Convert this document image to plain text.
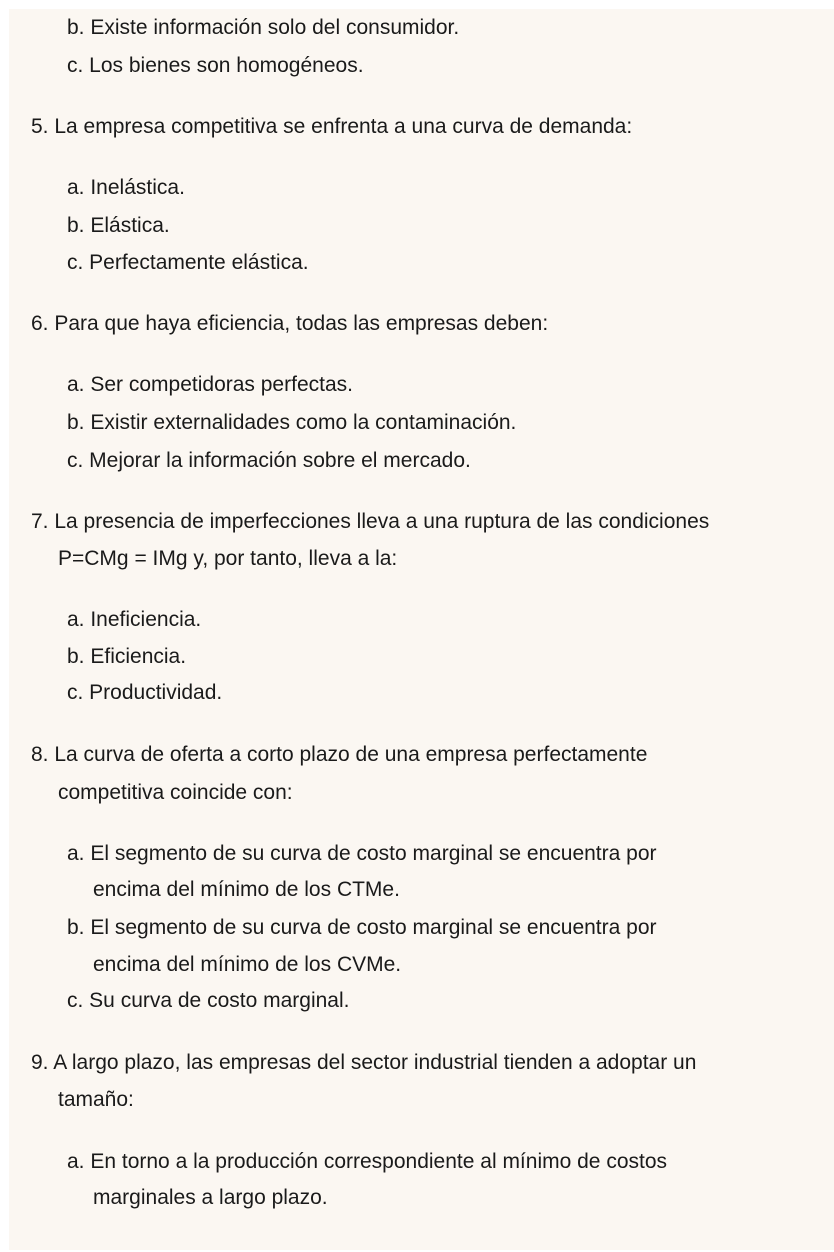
b. Existe información solo del consumidor.
c. Los bienes son homogéneos.
5. La empresa competitiva se enfrenta a una curva de demanda:
a. Inelástica.
b. Elástica.
c. Perfectamente elástica.
6. Para que haya eficiencia, todas las empresas deben:
a. Ser competidoras perfectas.
b. Existir externalidades como la contaminación.
c. Mejorar la información sobre el mercado.
7. La presencia de imperfecciones lleva a una ruptura de las condiciones
P=CMg = IMg y, por tanto, lleva a la:
a. Ineficiencia.
b. Eficiencia.
c. Productividad.
8. La curva de oferta a corto plazo de una empresa perfectamente
competitiva coincide con:
a. El segmento de su curva de costo marginal se encuentra por
encima del mínimo de los CTMe.
b. El segmento de su curva de costo marginal se encuentra por
encima del mínimo de los CVMe.
c. Su curva de costo marginal.
9. A largo plazo, las empresas del sector industrial tienden a adoptar un
tamaño:
a. En torno a la producción correspondiente al mínimo de costos
marginales a largo plazo.
